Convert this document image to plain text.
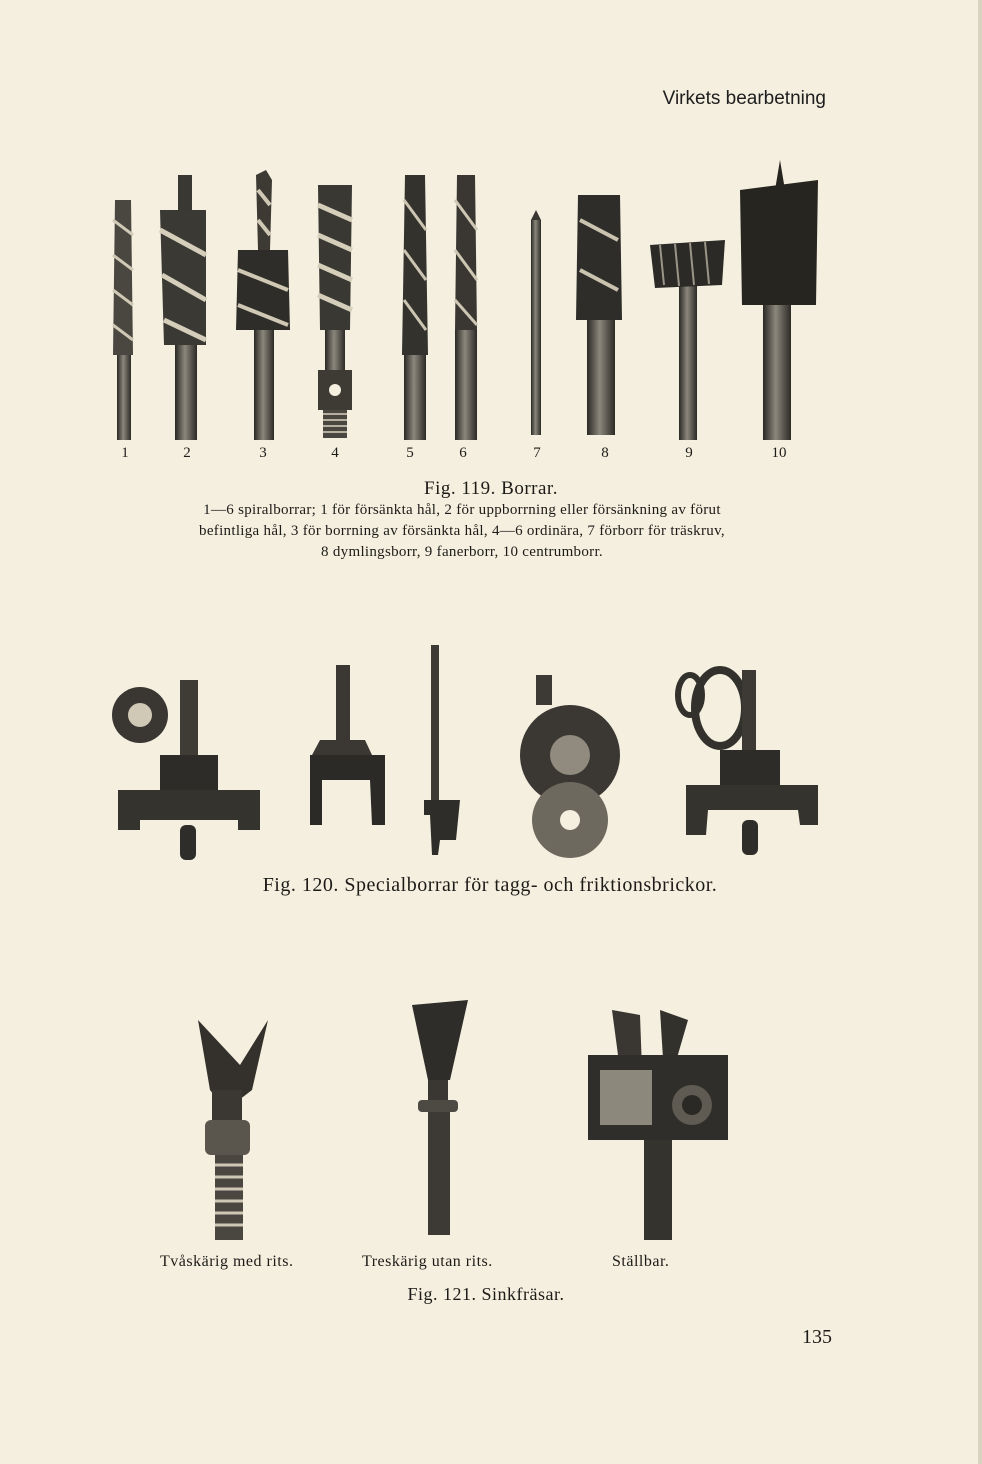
Virkets bearbetning
1	2	3	4	5	6	7	8	9	10
Fig. 119. Borrar.
1—6 spiralborrar; 1 för försänkta hål, 2 för uppborrning eller försänkning av förut
befintliga hål, 3 för borrning av försänkta hål, 4—6 ordinära, 7 förborr för träskruv,
8 dymlingsborr, 9 fanerborr, 10 centrumborr.
Fig. 120. Specialborrar för tagg- och friktionsbrickor.
Tvåskärig med rits.	Treskärig utan rits.	Ställbar.
Fig. 121. Sinkfräsar.
135
